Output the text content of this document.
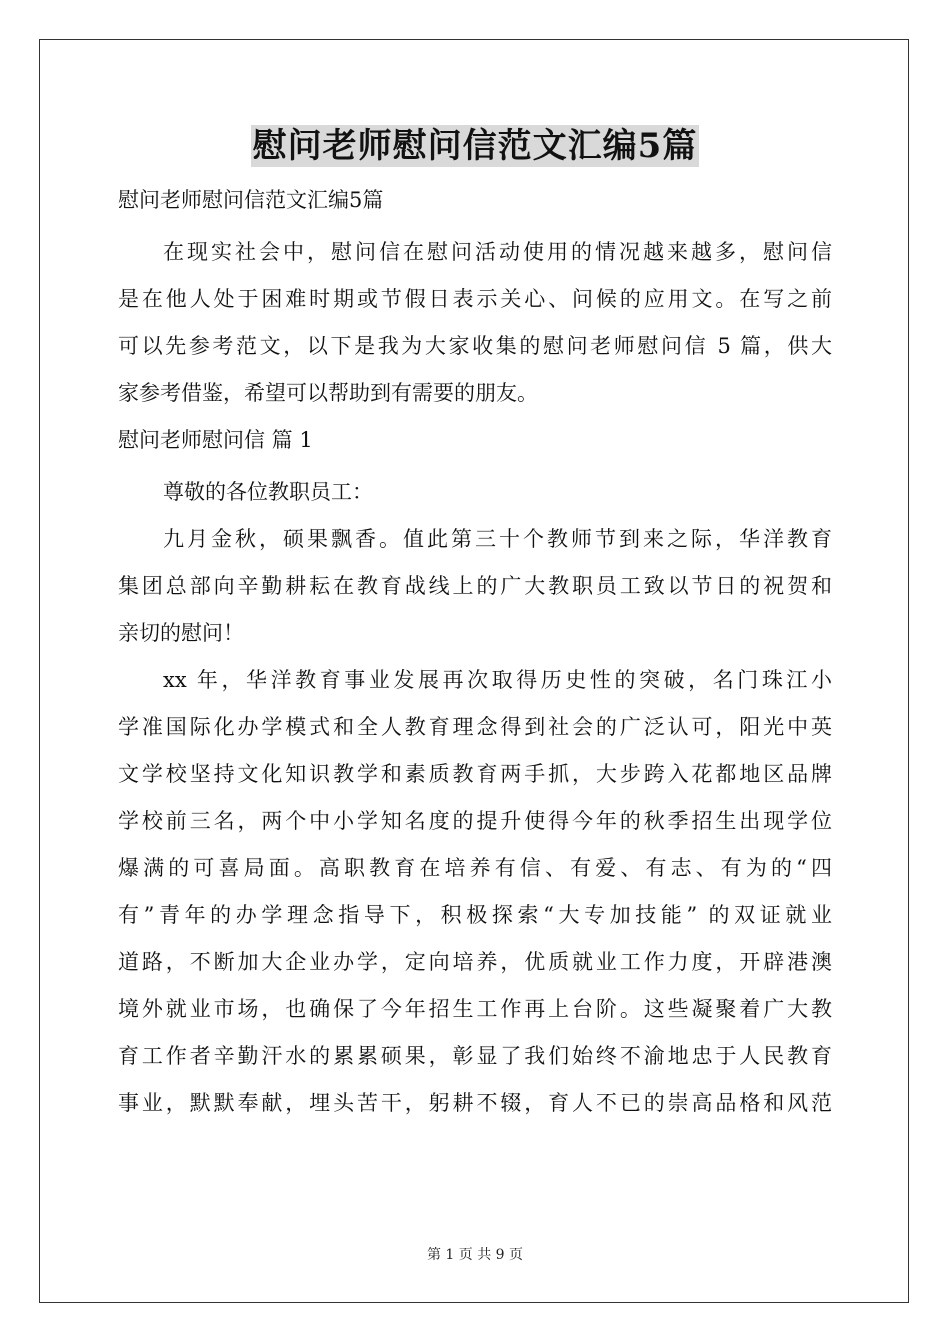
慰问老师慰问信范文汇编5篇
慰问老师慰问信范文汇编5篇
在现实社会中，慰问信在慰问活动使用的情况越来越多，慰问信
是在他人处于困难时期或节假日表示关心、问候的应用文。在写之前
可以先参考范文，以下是我为大家收集的慰问老师慰问信 5 篇，供大
家参考借鉴，希望可以帮助到有需要的朋友。
慰问老师慰问信 篇 1
尊敬的各位教职员工：
九月金秋，硕果飘香。值此第三十个教师节到来之际，华洋教育
集团总部向辛勤耕耘在教育战线上的广大教职员工致以节日的祝贺和
亲切的慰问！
xx 年，华洋教育事业发展再次取得历史性的突破，名门珠江小
学准国际化办学模式和全人教育理念得到社会的广泛认可，阳光中英
文学校坚持文化知识教学和素质教育两手抓，大步跨入花都地区品牌
学校前三名，两个中小学知名度的提升使得今年的秋季招生出现学位
爆满的可喜局面。高职教育在培养有信、有爱、有志、有为的“四
有”青年的办学理念指导下，积极探索“大专加技能” 的双证就业
道路，不断加大企业办学，定向培养，优质就业工作力度，开辟港澳
境外就业市场，也确保了今年招生工作再上台阶。这些凝聚着广大教
育工作者辛勤汗水的累累硕果，彰显了我们始终不渝地忠于人民教育
事业，默默奉献，埋头苦干，躬耕不辍，育人不已的崇高品格和风范
第 1 页 共 9 页
